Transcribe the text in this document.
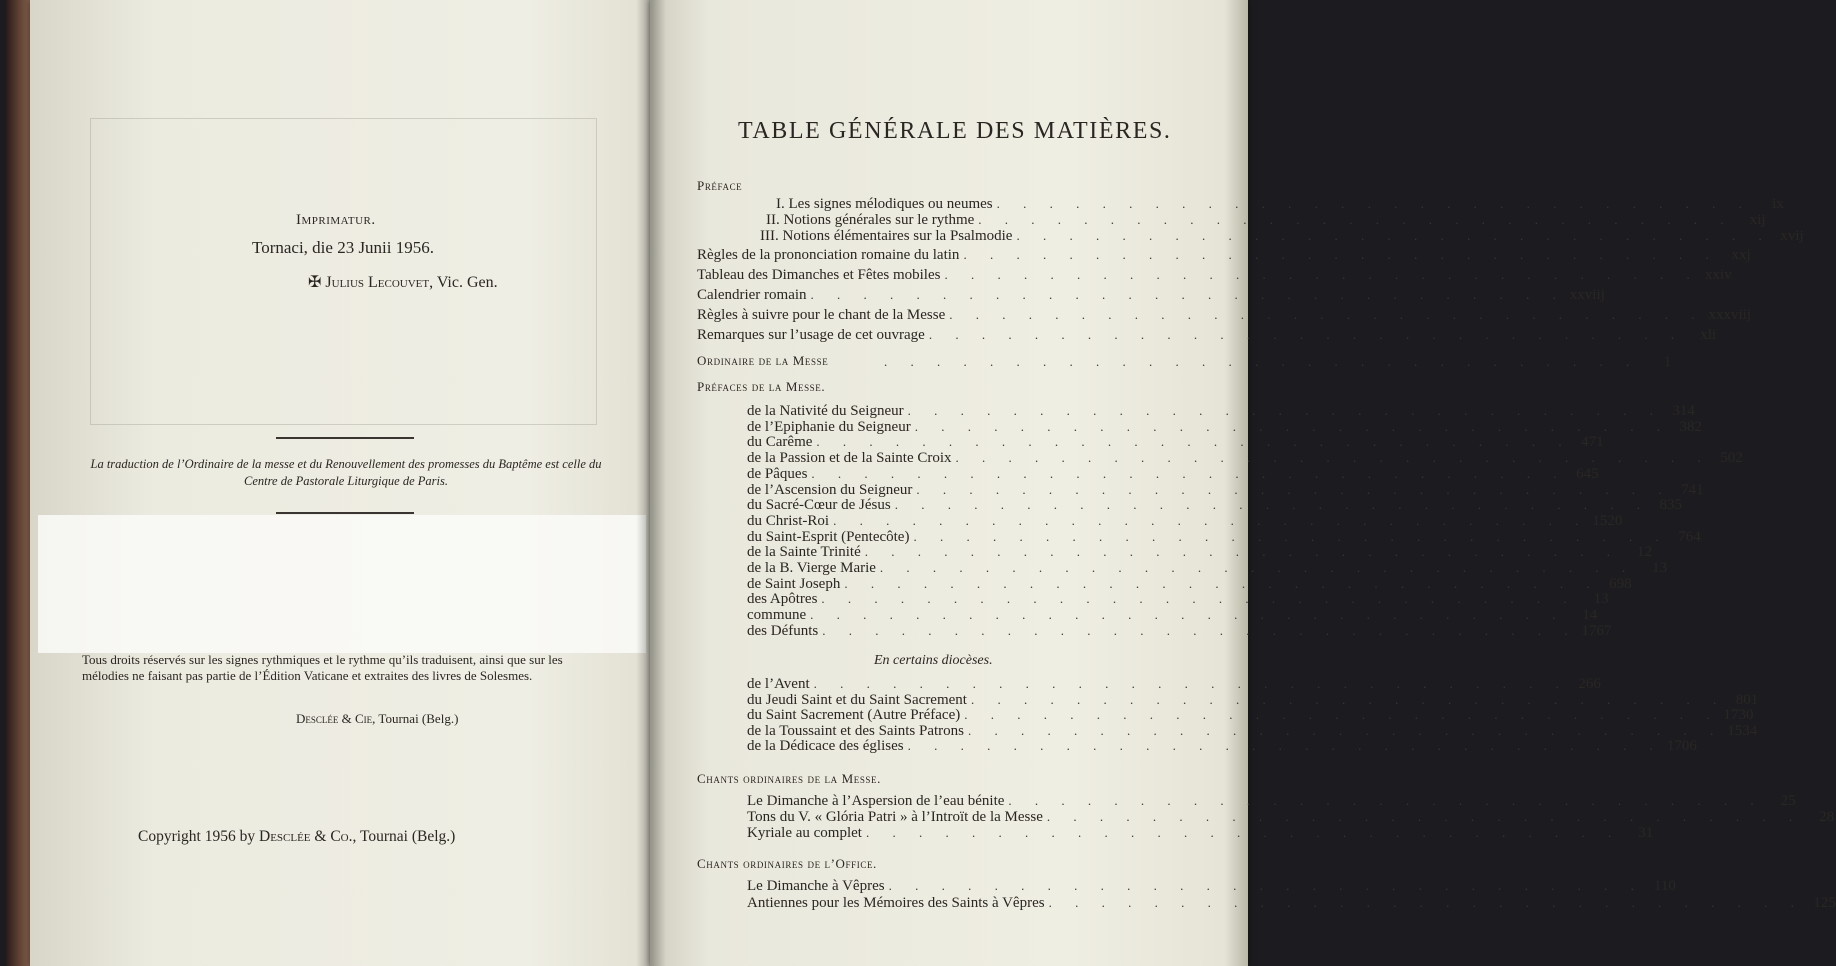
Imprimatur.
Tornaci, die 23 Junii 1956.
✠ Julius Lecouvet, Vic. Gen.
La traduction de l’Ordinaire de la messe et du Renouvellement des promesses du Baptême est celle du Centre de Pastorale Liturgique de Paris.
Tous droits réservés sur les signes rythmiques et le rythme qu’ils traduisent, ainsi que sur les mélodies ne faisant pas partie de l’Édition Vaticane et extraites des livres de Solesmes.
Desclée & Cie, Tournai (Belg.)
Copyright 1956 by Desclée & Co., Tournai (Belg.)
TABLE GÉNÉRALE DES MATIÈRES.
Préface
I. Les signes mélodiques ou neumes . . . . . . . . . . . . . . . . . . . . . . . . . . . . .	ix
II. Notions générales sur le rythme . . . . . . . . . . . . . . . . . . . . . . . . . . . . .	xij
III. Notions élémentaires sur la Psalmodie . . . . . . . . . . . . . . . . . . . . . . . . . . . . . xvij
Règles de la prononciation romaine du latin . . . . . . . . . . . . . . . . . . . . . . . . . . . . . xxj
Tableau des Dimanches et Fêtes mobiles . . . . . . . . . . . . . . . . . . . . . . . . . . . . . xxiv
Calendrier romain . . . . . . . . . . . . . . . . . . . . . . . . . . . . . xxviij
Règles à suivre pour le chant de la Messe . . . . . . . . . . . . . . . . . . . . . . . . . . . . . xxxviij
Remarques sur l’usage de cet ouvrage . . . . . . . . . . . . . . . . . . . . . . . . . . . . .	xli
Ordinaire de la Messe	. . . . . . . . . . . . . . . . . . . . . . . . . . . . .	1
Préfaces de la Messe.
de la Nativité du Seigneur . . . . . . . . . . . . . . . . . . . . . . . . . . . . . 314
de l’Epiphanie du Seigneur . . . . . . . . . . . . . . . . . . . . . . . . . . . . . 382
du Carême . . . . . . . . . . . . . . . . . . . . . . . . . . . . . 471
de la Passion et de la Sainte Croix . . . . . . . . . . . . . . . . . . . . . . . . . . . . . 502
de Pâques . . . . . . . . . . . . . . . . . . . . . . . . . . . . . 645
de l’Ascension du Seigneur . . . . . . . . . . . . . . . . . . . . . . . . . . . . . 741
du Sacré-Cœur de Jésus . . . . . . . . . . . . . . . . . . . . . . . . . . . . . 835
du Christ-Roi . . . . . . . . . . . . . . . . . . . . . . . . . . . . . 1520
du Saint-Esprit (Pentecôte) . . . . . . . . . . . . . . . . . . . . . . . . . . . . . 764
de la Sainte Trinité . . . . . . . . . . . . . . . . . . . . . . . . . . . . .	12
de la B. Vierge Marie . . . . . . . . . . . . . . . . . . . . . . . . . . . . .	13
de Saint Joseph . . . . . . . . . . . . . . . . . . . . . . . . . . . . . 698
des Apôtres . . . . . . . . . . . . . . . . . . . . . . . . . . . . .	13
commune . . . . . . . . . . . . . . . . . . . . . . . . . . . . .	14
des Défunts . . . . . . . . . . . . . . . . . . . . . . . . . . . . . 1767
En certains diocèses.
de l’Avent . . . . . . . . . . . . . . . . . . . . . . . . . . . . . 266
du Jeudi Saint et du Saint Sacrement . . . . . . . . . . . . . . . . . . . . . . . . . . . . . 801
du Saint Sacrement (Autre Préface) . . . . . . . . . . . . . . . . . . . . . . . . . . . . . 1730
de la Toussaint et des Saints Patrons . . . . . . . . . . . . . . . . . . . . . . . . . . . . . 1534
de la Dédicace des églises . . . . . . . . . . . . . . . . . . . . . . . . . . . . . 1706
Chants ordinaires de la Messe.
Le Dimanche à l’Aspersion de l’eau bénite . . . . . . . . . . . . . . . . . . . . . . . . . . . . .	25
Tons du V. « Glória Patri » à l’Introït de la Messe . . . . . . . . . . . . . . . . . . . . . . . . . . . . .	28
Kyriale au complet . . . . . . . . . . . . . . . . . . . . . . . . . . . . .	31
Chants ordinaires de l’Office.
Le Dimanche à Vêpres . . . . . . . . . . . . . . . . . . . . . . . . . . . . . 110
Antiennes pour les Mémoires des Saints à Vêpres . . . . . . . . . . . . . . . . . . . . . . . . . . . . . 125
